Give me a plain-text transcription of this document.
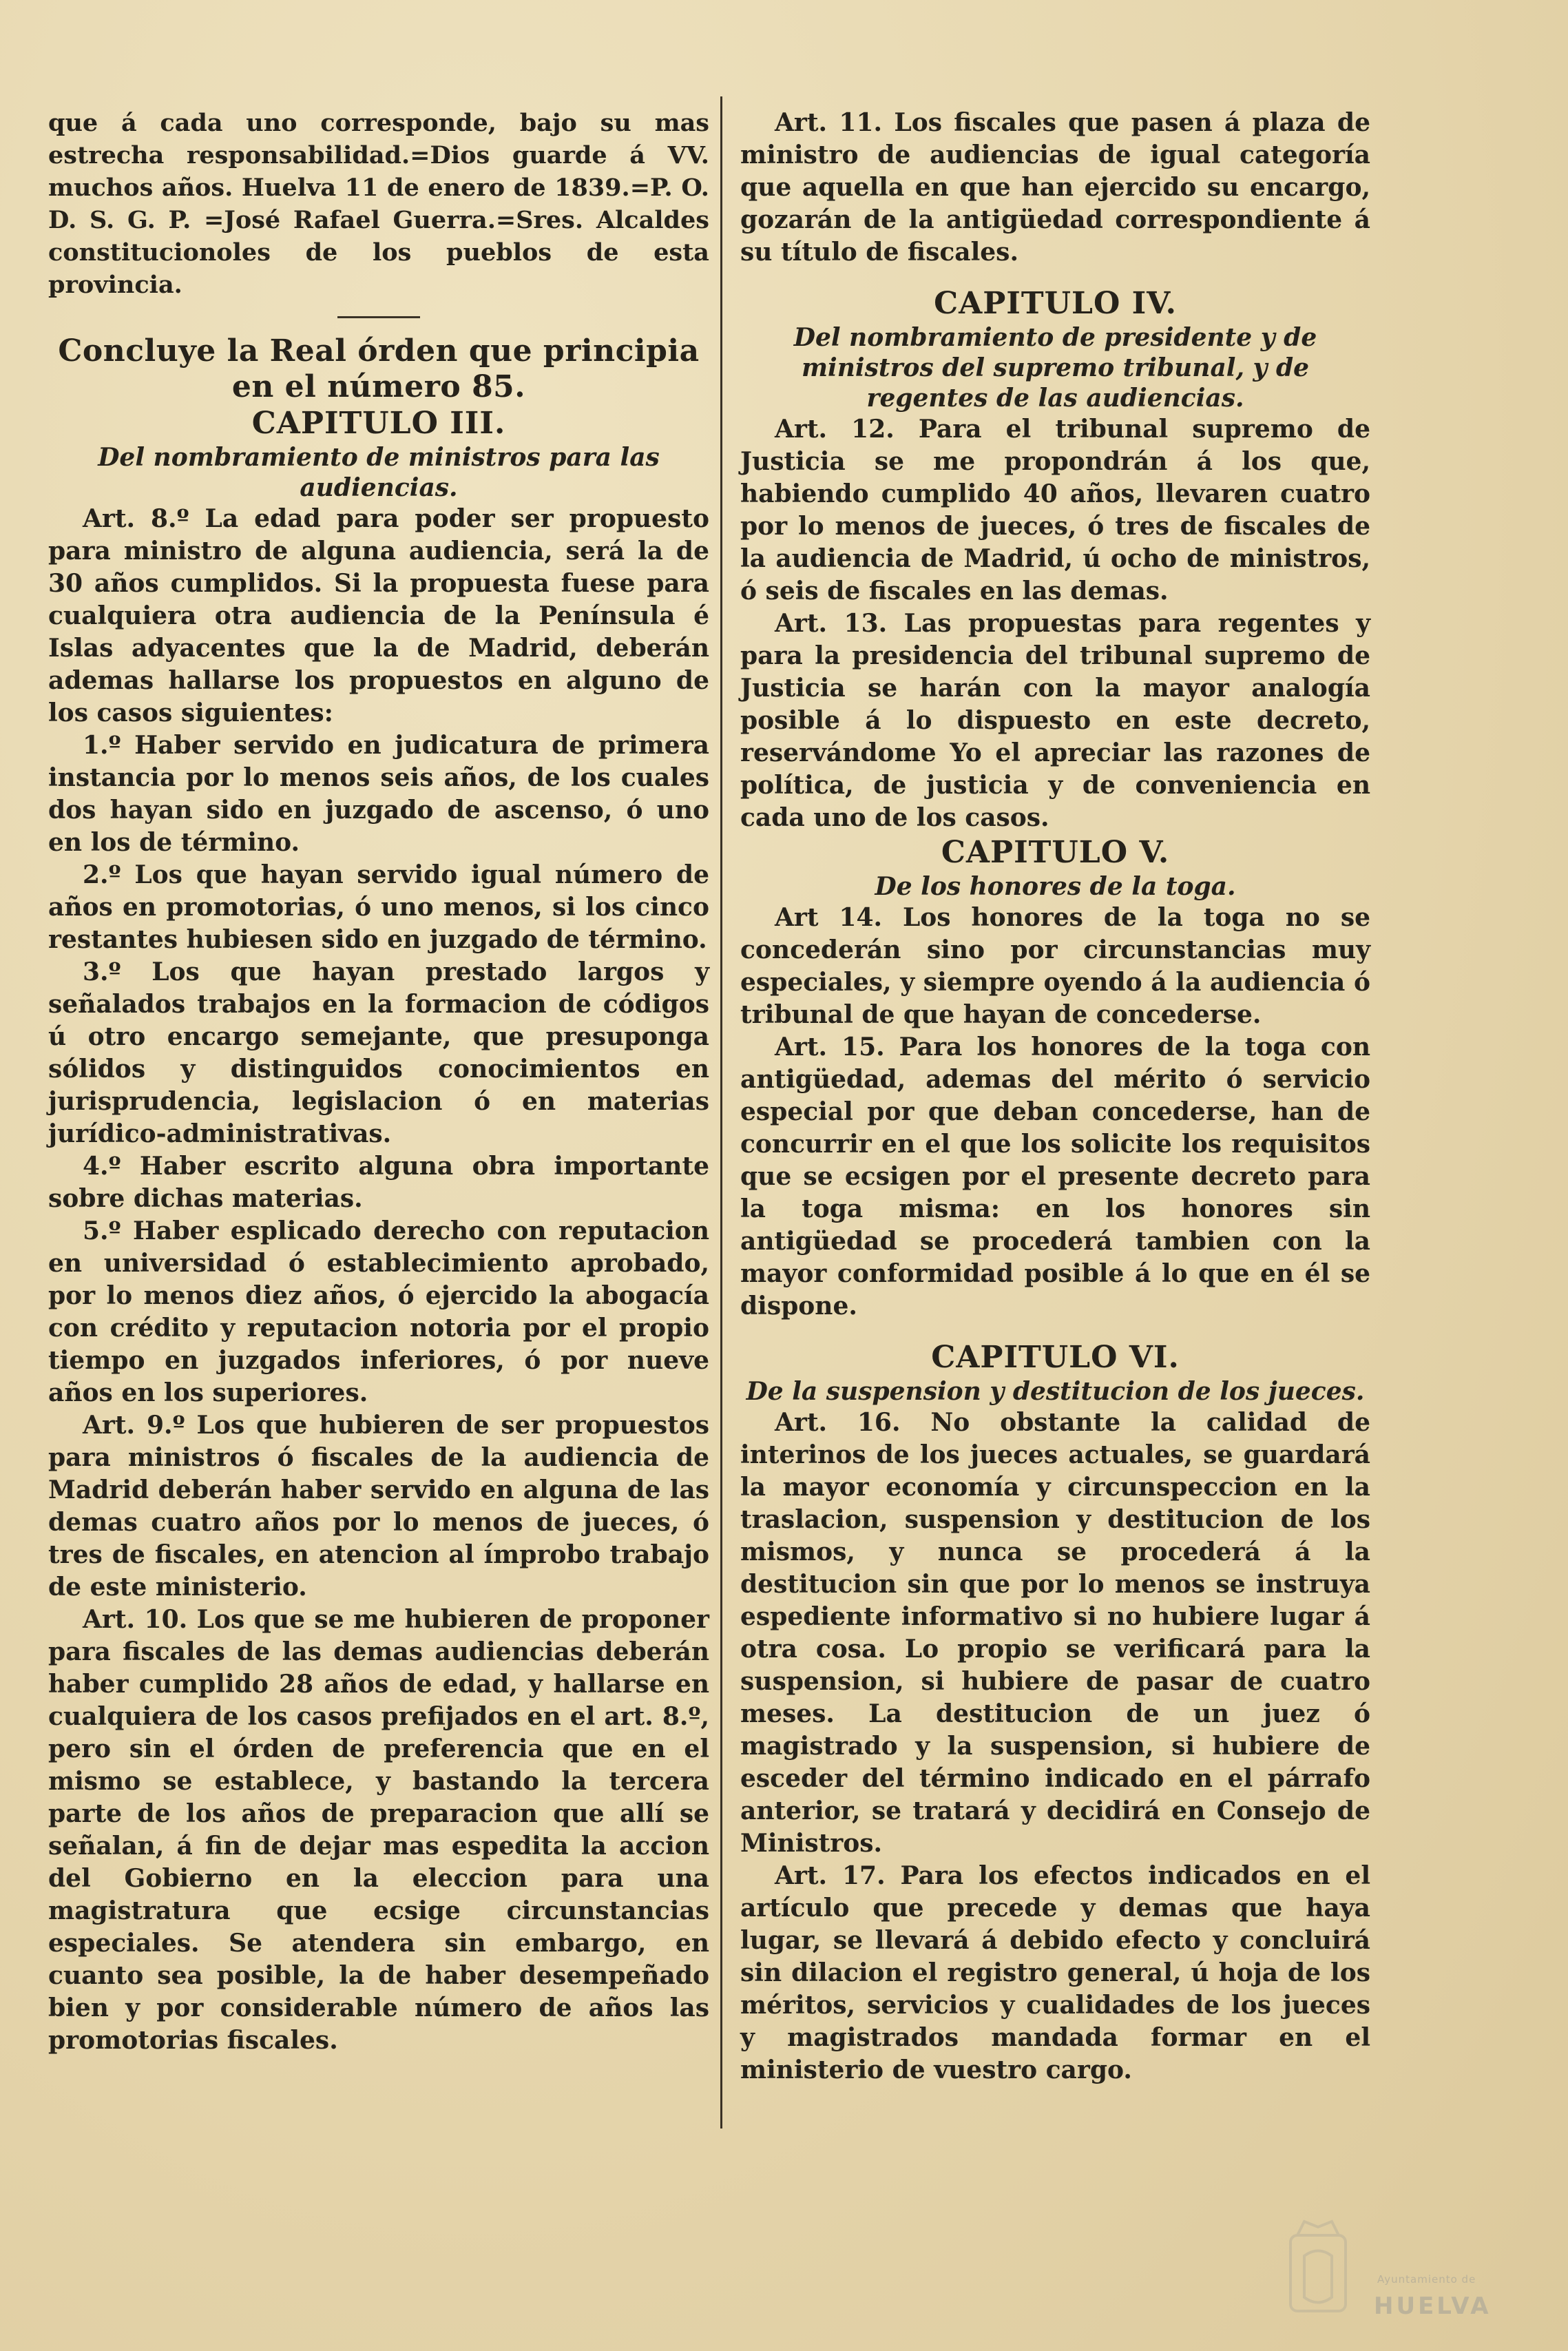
que á cada uno corresponde, bajo su mas estrecha responsabilidad.=Dios guarde á VV. muchos años. Huelva 11 de enero de 1839.=P. O. D. S. G. P. =José Rafael Guerra.=Sres. Alcaldes constitucionoles de los pueblos de esta provincia.

Concluye la Real órden que principia en el número 85.
CAPITULO III.
Del nombramiento de ministros para las audiencias.

Art. 8.º La edad para poder ser propuesto para ministro de alguna audiencia, será la de 30 años cumplidos. Si la propuesta fuese para cualquiera otra audiencia de la Península é Islas adyacentes que la de Madrid, deberán ademas hallarse los propuestos en alguno de los casos siguientes:

1.º Haber servido en judicatura de primera instancia por lo menos seis años, de los cuales dos hayan sido en juzgado de ascenso, ó uno en los de término.

2.º Los que hayan servido igual número de años en promotorias, ó uno menos, si los cinco restantes hubiesen sido en juzgado de término.

3.º Los que hayan prestado largos y señalados trabajos en la formacion de códigos ú otro encargo semejante, que presuponga sólidos y distinguidos conocimientos en jurisprudencia, legislacion ó en materias jurídico-administrativas.

4.º Haber escrito alguna obra importante sobre dichas materias.

5.º Haber esplicado derecho con reputacion en universidad ó establecimiento aprobado, por lo menos diez años, ó ejercido la abogacía con crédito y reputacion notoria por el propio tiempo en juzgados inferiores, ó por nueve años en los superiores.

Art. 9.º Los que hubieren de ser propuestos para ministros ó fiscales de la audiencia de Madrid deberán haber servido en alguna de las demas cuatro años por lo menos de jueces, ó tres de fiscales, en atencion al ímprobo trabajo de este ministerio.

Art. 10. Los que se me hubieren de proponer para fiscales de las demas audiencias deberán haber cumplido 28 años de edad, y hallarse en cualquiera de los casos prefijados en el art. 8.º, pero sin el órden de preferencia que en el mismo se establece, y bastando la tercera parte de los años de preparacion que allí se señalan, á fin de dejar mas espedita la accion del Gobierno en la eleccion para una magistratura que ecsige circunstancias especiales. Se atendera sin embargo, en cuanto sea posible, la de haber desempeñado bien y por considerable número de años las promotorias fiscales.

Art. 11. Los fiscales que pasen á plaza de ministro de audiencias de igual categoría que aquella en que han ejercido su encargo, gozarán de la antigüedad correspondiente á su título de fiscales.

CAPITULO IV.
Del nombramiento de presidente y de ministros del supremo tribunal, y de regentes de las audiencias.

Art. 12. Para el tribunal supremo de Justicia se me propondrán á los que, habiendo cumplido 40 años, llevaren cuatro por lo menos de jueces, ó tres de fiscales de la audiencia de Madrid, ú ocho de ministros, ó seis de fiscales en las demas.

Art. 13. Las propuestas para regentes y para la presidencia del tribunal supremo de Justicia se harán con la mayor analogía posible á lo dispuesto en este decreto, reservándome Yo el apreciar las razones de política, de justicia y de conveniencia en cada uno de los casos.

CAPITULO V.
De los honores de la toga.

Art 14. Los honores de la toga no se concederán sino por circunstancias muy especiales, y siempre oyendo á la audiencia ó tribunal de que hayan de concederse.

Art. 15. Para los honores de la toga con antigüedad, ademas del mérito ó servicio especial por que deban concederse, han de concurrir en el que los solicite los requisitos que se ecsigen por el presente decreto para la toga misma: en los honores sin antigüedad se procederá tambien con la mayor conformidad posible á lo que en él se dispone.

CAPITULO VI.
De la suspension y destitucion de los jueces.

Art. 16. No obstante la calidad de interinos de los jueces actuales, se guardará la mayor economía y circunspeccion en la traslacion, suspension y destitucion de los mismos, y nunca se procederá á la destitucion sin que por lo menos se instruya espediente informativo si no hubiere lugar á otra cosa. Lo propio se verificará para la suspension, si hubiere de pasar de cuatro meses. La destitucion de un juez ó magistrado y la suspension, si hubiere de esceder del término indicado en el párrafo anterior, se tratará y decidirá en Consejo de Ministros.

Art. 17. Para los efectos indicados en el artículo que precede y demas que haya lugar, se llevará á debido efecto y concluirá sin dilacion el registro general, ú hoja de los méritos, servicios y cualidades de los jueces y magistrados mandada formar en el ministerio de vuestro cargo.

Ayuntamiento de
HUELVA
